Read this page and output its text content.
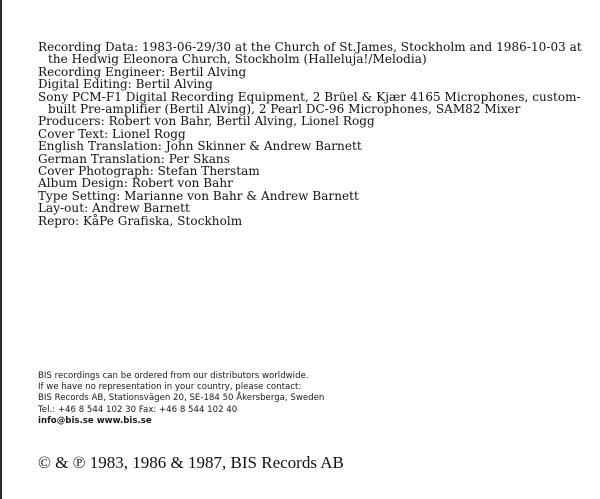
Recording Data: 1983-06-29/30 at the Church of St.James, Stockholm and 1986-10-03 at the Hedwig Eleonora Church, Stockholm (Halleluja!/Melodia)

Recording Engineer: Bertil Alving

Digital Editing: Bertil Alving

Sony PCM-F1 Digital Recording Equipment, 2 Brüel & Kjær 4165 Microphones, custom-built Pre-amplifier (Bertil Alving), 2 Pearl DC-96 Microphones, SAM82 Mixer

Producers: Robert von Bahr, Bertil Alving, Lionel Rogg

Cover Text: Lionel Rogg

English Translation: John Skinner & Andrew Barnett

German Translation: Per Skans

Cover Photograph: Stefan Therstam

Album Design: Robert von Bahr

Type Setting: Marianne von Bahr & Andrew Barnett

Lay-out: Andrew Barnett

Repro: KåPe Grafiska, Stockholm

BIS recordings can be ordered from our distributors worldwide.

If we have no representation in your country, please contact:

BIS Records AB, Stationsvägen 20, SE-184 50 Åkersberga, Sweden

Tel.: +46 8 544 102 30 Fax: +46 8 544 102 40

info@bis.se www.bis.se

© & ℗ 1983, 1986 & 1987, BIS Records AB
